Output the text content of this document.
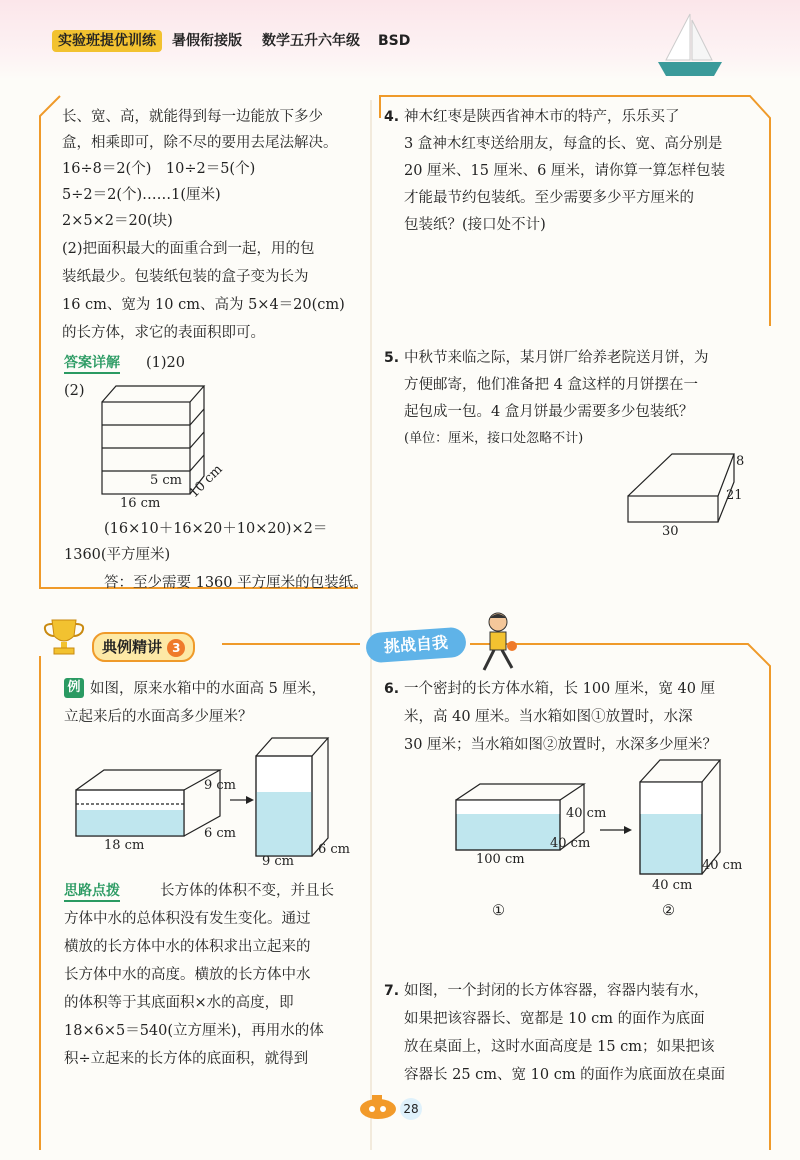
实验班提优训练	暑假衔接版 数学五升六年级 BSD
长、宽、高，就能得到每一边能放下多少
盒，相乘即可，除不尽的要用去尾法解决。
16÷8＝2(个)　10÷2＝5(个)
5÷2＝2(个)……1(厘米)
2×5×2＝20(块)
(2)把面积最大的面重合到一起，用的包
装纸最少。包装纸包装的盒子变为长为
16 cm、宽为 10 cm、高为 5×4＝20(cm)
的长方体，求它的表面积即可。
答案详解 (1)20
(2)
5 cm 10 cm
16 cm
(16×10＋16×20＋10×20)×2＝
1360(平方厘米)
答：至少需要 1360 平方厘米的包装纸。
4. 神木红枣是陕西省神木市的特产，乐乐买了
3 盒神木红枣送给朋友，每盒的长、宽、高分别是
20 厘米、15 厘米、6 厘米，请你算一算怎样包装
才能最节约包装纸。至少需要多少平方厘米的
包装纸？(接口处不计)
5. 中秋节来临之际，某月饼厂给养老院送月饼，为
方便邮寄，他们准备把 4 盒这样的月饼摆在一
起包成一包。4 盒月饼最少需要多少包装纸？
(单位：厘米，接口处忽略不计)
8
21
30
典例精讲 3	挑战自我
例 如图，原来水箱中的水面高 5 厘米，
立起来后的水面高多少厘米？
9 cm
6 cm
18 cm
9 cm
6 cm
思路点拨	长方体的体积不变，并且长
方体中水的总体积没有发生变化。通过
横放的长方体中水的体积求出立起来的
长方体中水的高度。横放的长方体中水
的体积等于其底面积×水的高度，即
18×6×5＝540(立方厘米)，再用水的体
积÷立起来的长方体的底面积，就得到
6. 一个密封的长方体水箱，长 100 厘米，宽 40 厘
米，高 40 厘米。当水箱如图①放置时，水深
30 厘米；当水箱如图②放置时，水深多少厘米？
40 cm
40 cm
100 cm	40 cm
40 cm
①	②
7. 如图，一个封闭的长方体容器，容器内装有水，
如果把该容器长、宽都是 10 cm 的面作为底面
放在桌面上，这时水面高度是 15 cm；如果把该
容器长 25 cm、宽 10 cm 的面作为底面放在桌面
28
